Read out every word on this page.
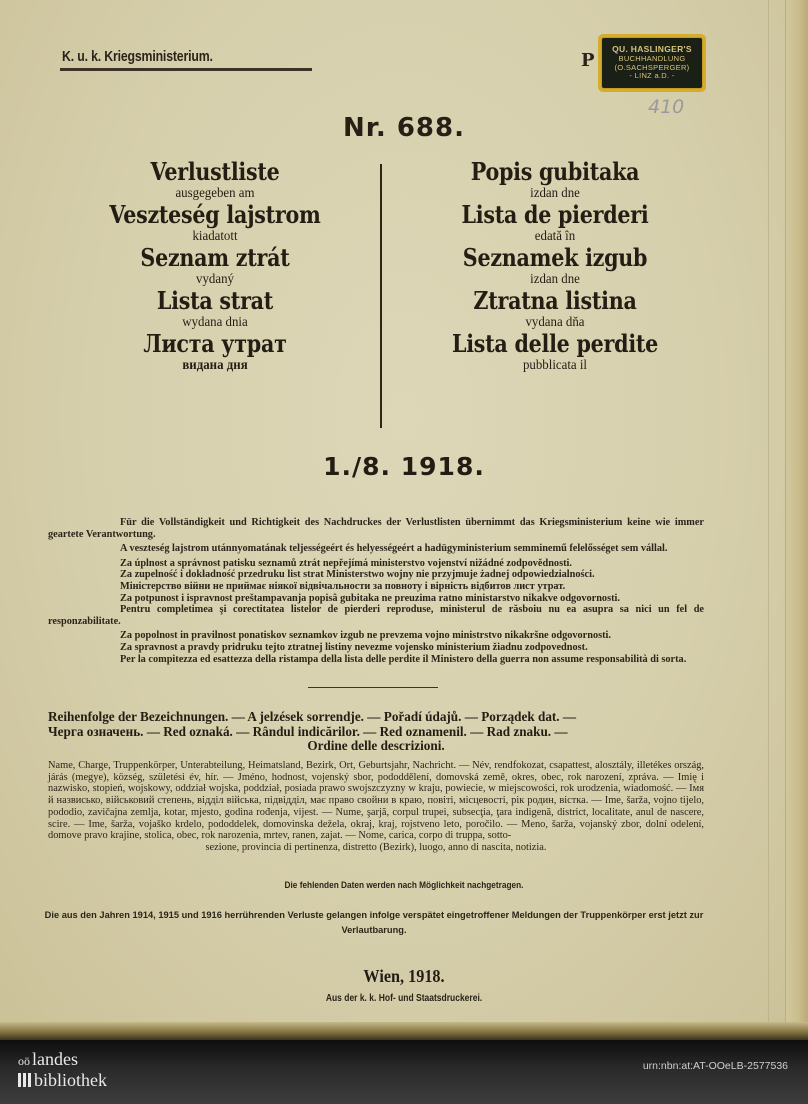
K. u. k. Kriegsministerium.	P
QU. HASLINGER'S
BUCHHANDLUNG
(O.SACHSPERGER)
- LINZ a.D. -
410
Nr. 688.
Verlustliste
ausgegeben am
Veszteség lajstrom
kiadatott
Seznam ztrát
vydaný
Lista strat
wydana dnia
Листа утрат
видана дня
Popis gubitaka
izdan dne
Lista de pierderi
edată în
Seznamek izgub
izdan dne
Ztratna listina
vydana dňa
Lista delle perdite
pubblicata il
1./8. 1918.

Für die Vollständigkeit und Richtigkeit des Nachdruckes der Verlustlisten übernimmt das Kriegsministerium keine wie immer geartete Verantwortung.

A veszteség lajstrom utánnyomatának teljességeért és helyességeért a hadügyministerium semminemű felelősséget sem vállal.

Za úplnost a správnost patisku seznamů ztrát nepřejímá ministerstvo vojenství nižádné zodpovědnosti.

Za zupelność i dokładność przedruku list strat Ministerstwo wojny nie przyjmuje żadnej odpowiedzialności.

Міністерство війни не приймає ніякої відвічальности за повноту і вірність відбитов лист утрат.

Za potpunost i ispravnost preštampavanja popisâ gubitaka ne preuzima ratno ministarstvo nikakve odgovornosti.

Pentru completimea şi corectitatea listelor de pierderi reproduse, ministerul de răsboiu nu ea asupra sa nici un fel de responzabilitate.

Za popolnost in pravilnost ponatiskov seznamkov izgub ne prevzema vojno ministrstvo nikakršne odgovornosti.

Za spravnost a pravdy pridruku tejto ztratnej listiny nevezme vojensko ministerium žiadnu zodpovednost.

Per la compitezza ed esattezza della ristampa della lista delle perdite il Ministero della guerra non assume responsabilità di sorta.

Reihenfolge der Bezeichnungen. — A jelzések sorrendje. — Pořadí údajů. — Porządek dat. —

Черга означень. — Red oznaká. — Rândul indicărilor. — Red oznamenil. — Rad znaku. —

Ordine delle descrizioni.

Name, Charge, Truppenkörper, Unterabteilung, Heimatsland, Bezirk, Ort, Geburtsjahr, Nachricht. — Név, rendfokozat, csapattest, alosztály, illetékes ország, járás (megye), község, születési év, hír. — Jméno, hodnost, vojenský sbor, pododdělení, domovská země, okres, obec, rok narození, zpráva. — Imię i nazwisko, stopień, wojskowy, oddział wojska, poddział, posiada prawo swojszczyzny w kraju, powiecie, w miejscowości, rok urodzenia, wiadomość. — Імя й назвисько, військовий степень, відділ війська, підвідділ, має право свойни в краю, повіті, місцевості, рік родин, вістка. — Ime, šarža, vojno tijelo, pododio, zavičajna zemlja, kotar, mjesto, godina rođenja, vijest. — Nume, şarjă, corpul trupei, subsecţia, ţara indigenă, district, localitate, anul de nascere, scire. — Ime, šarža, vojaško krdelo, pododdelek, domovinska dežela, okraj, kraj, rojstveno leto, poročilo. — Meno, šarža, vojanský zbor, dolní odelení, domove pravo krajine, stolica, obec, rok narozenia, mrtev, ranen, zajat. — Nome, carica, corpo di truppa, sotto-

sezione, provincia di pertinenza, distretto (Bezirk), luogo, anno di nascita, notizia.

Die fehlenden Daten werden nach Möglichkeit nachgetragen.
Die aus den Jahren 1914, 1915 und 1916 herrührenden Verluste gelangen infolge verspätet eingetroffener Meldungen der Truppenkörper erst jetzt zur Verlautbarung.
Wien, 1918.
Aus der k. k. Hof- und Staatsdruckerei.
oö landes
bibliothek
urn:nbn:at:AT-OOeLB-2577536
